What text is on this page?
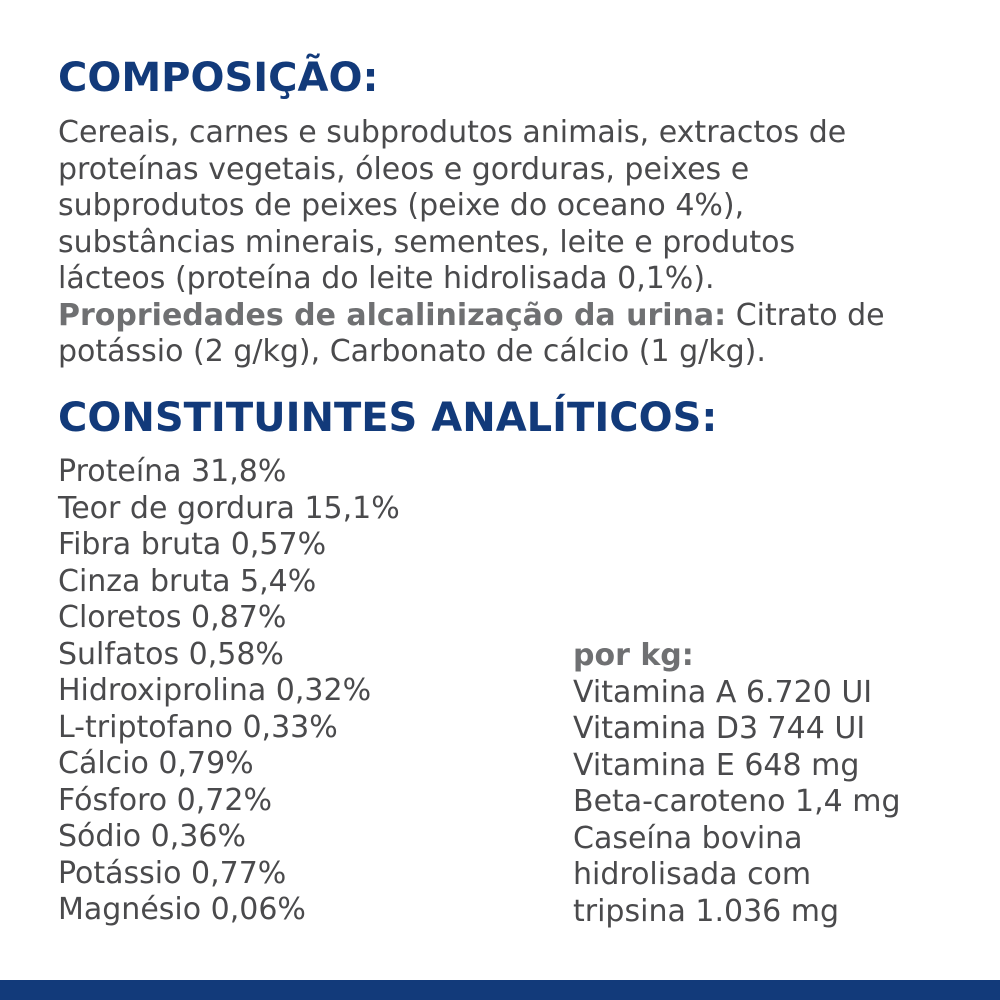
COMPOSIÇÃO:
Cereais, carnes e subprodutos animais, extractos de
proteínas vegetais, óleos e gorduras, peixes e
subprodutos de peixes (peixe do oceano 4%),
substâncias minerais, sementes, leite e produtos
lácteos (proteína do leite hidrolisada 0,1%).
Propriedades de alcalinização da urina: Citrato de
potássio (2 g/kg), Carbonato de cálcio (1 g/kg).
CONSTITUINTES ANALÍTICOS:
Proteína 31,8%
Teor de gordura 15,1%
Fibra bruta 0,57%
Cinza bruta 5,4%
Cloretos 0,87%
Sulfatos 0,58%
Hidroxiprolina 0,32%
L-triptofano 0,33%
Cálcio 0,79%
Fósforo 0,72%
Sódio 0,36%
Potássio 0,77%
Magnésio 0,06%
por kg:
Vitamina A 6.720 UI
Vitamina D3 744 UI
Vitamina E 648 mg
Beta-caroteno 1,4 mg
Caseína bovina
hidrolisada com
tripsina 1.036 mg
